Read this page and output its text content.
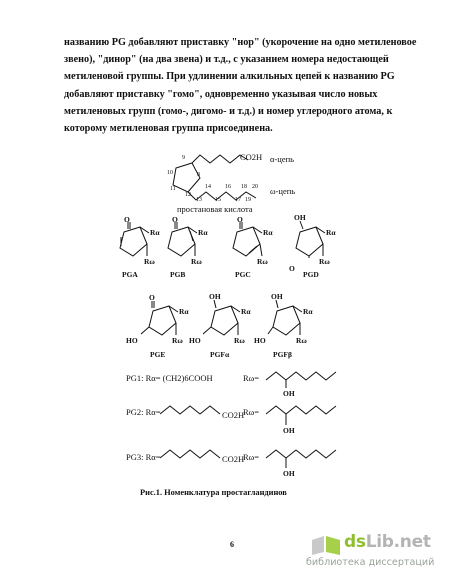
названию PG добавляют приставку "нор" (укорочение на одно метиленовое
звено), "динор" (на два звена) и т.д., с указанием номера недостающей
метиленовой группы. При удлинении алкильных цепей к названию PG
добавляют приставку "гомо", одновременно указывая число новых
метиленовых групп (гомо-, дигомо- и т.д.) и номер углеродного атома, к
которому метиленовая группа присоединена.
9
10
11
12
8
13
14
15
16
17
18
19
20
CO2H α-цепь
ω-цепь
простановая кислота
O
Rα
Rω
PGA
O
Rα
Rω
PGB
O
Rα
Rω
PGC
OH
Rα
Rω
O
PGD
O
Rα
Rω
HO
PGE
OH
Rα
Rω
HO
PGFα
OH
Rα
Rω
HO
PGFβ
PG1: Rα= (CH2)6COOH	Rω=
OH
PG2: Rα=	CO2H
Rω=
OH
PG3: Rα=	CO2H
Rω=
OH
Рис.1. Номенклатура простагландинов
6	dsLib.net
библиотека диссертаций
